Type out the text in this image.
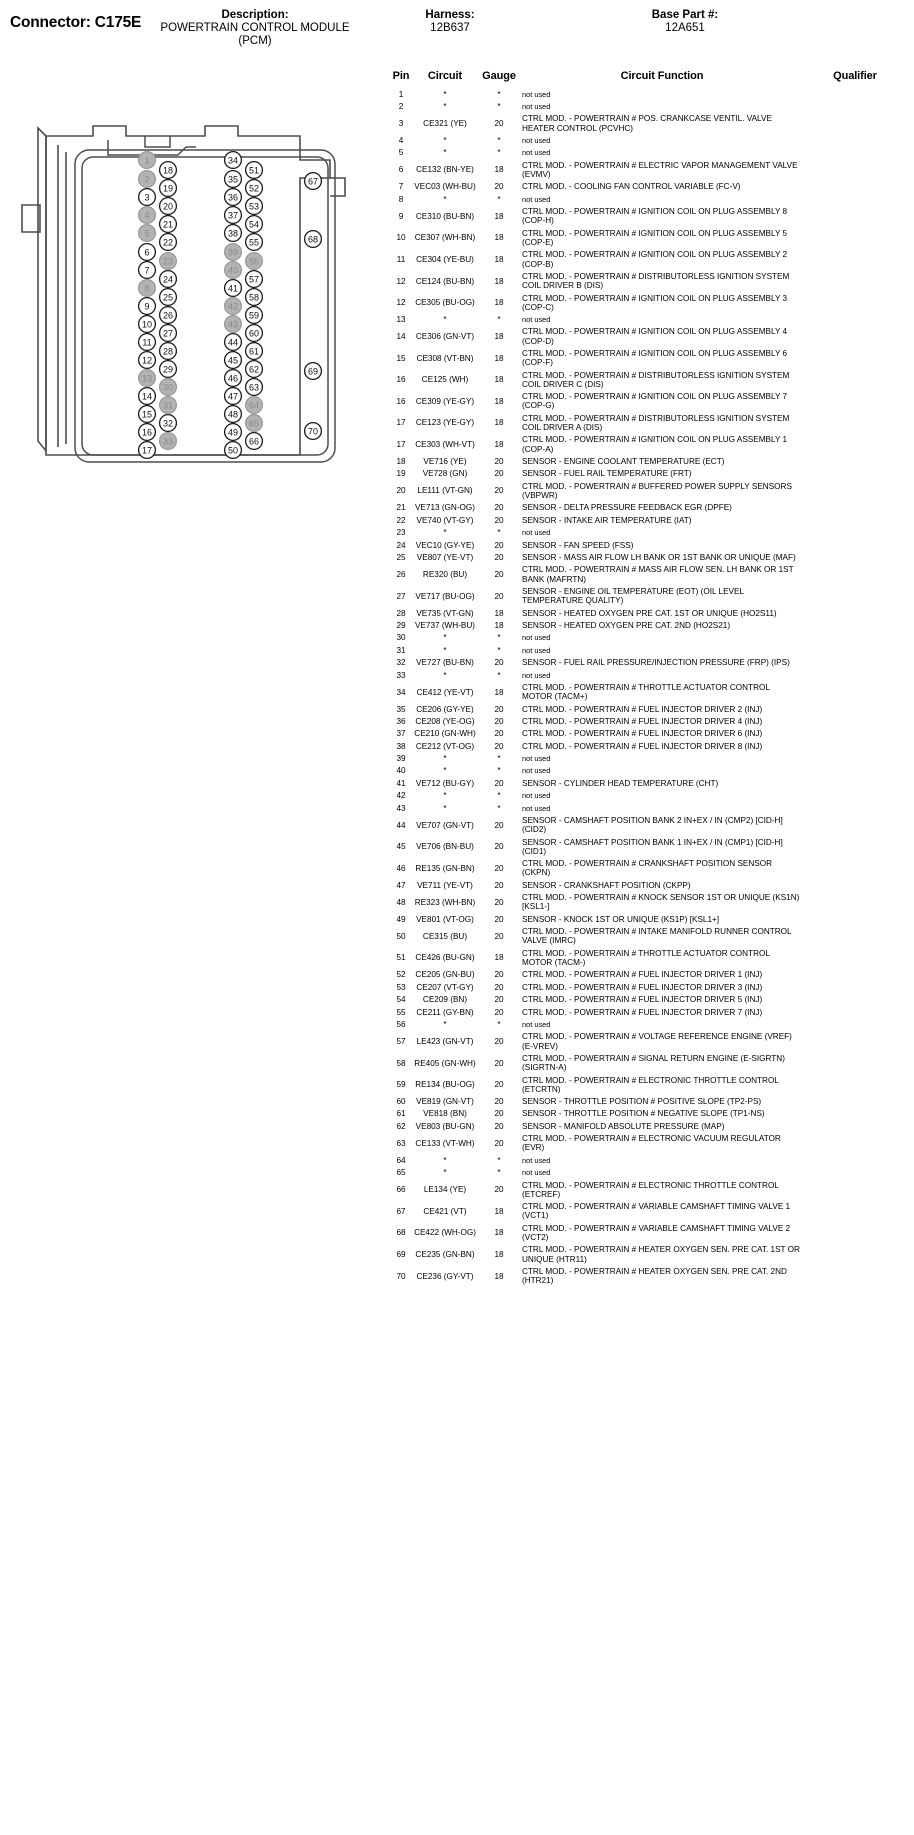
Connector: C175E	Description:
POWERTRAIN CONTROL MODULE (PCM)
Harness:
12B637
Base Part #:
12A651
1
2
3
4
5
6
7
8
9
10
11
12
13
14
15
16
17
18
19
20
21
22
23
24
25
26
27
28
29
30
31
32
33
34
35
36
37
38
39
40
41
42
43
44
45
46
47
48
49
50
51
52
53
54
55
56
57
58
59
60
61
62
63
64
65
66
67
68
69
70
Pin	Circuit	Gauge	Circuit Function	Qualifier
1	*	*	not used	
2	*	*	not used	
3	CE321 (YE)	20	CTRL MOD. - POWERTRAIN # POS. CRANKCASE VENTIL. VALVE HEATER CONTROL (PCVHC)	
4	*	*	not used	
5	*	*	not used	
6	CE132 (BN-YE)	18	CTRL MOD. - POWERTRAIN # ELECTRIC VAPOR MANAGEMENT VALVE (EVMV)	
7	VEC03 (WH-BU)	20	CTRL MOD. - COOLING FAN CONTROL VARIABLE (FC-V)	
8	*	*	not used	
9	CE310 (BU-BN)	18	CTRL MOD. - POWERTRAIN # IGNITION COIL ON PLUG ASSEMBLY 8 (COP-H)	
10	CE307 (WH-BN)	18	CTRL MOD. - POWERTRAIN # IGNITION COIL ON PLUG ASSEMBLY 5 (COP-E)	
11	CE304 (YE-BU)	18	CTRL MOD. - POWERTRAIN # IGNITION COIL ON PLUG ASSEMBLY 2 (COP-B)	
12	CE124 (BU-BN)	18	CTRL MOD. - POWERTRAIN # DISTRIBUTORLESS IGNITION SYSTEM COIL DRIVER B (DIS)	
12	CE305 (BU-OG)	18	CTRL MOD. - POWERTRAIN # IGNITION COIL ON PLUG ASSEMBLY 3 (COP-C)	
13	*	*	not used	
14	CE306 (GN-VT)	18	CTRL MOD. - POWERTRAIN # IGNITION COIL ON PLUG ASSEMBLY 4 (COP-D)	
15	CE308 (VT-BN)	18	CTRL MOD. - POWERTRAIN # IGNITION COIL ON PLUG ASSEMBLY 6 (COP-F)	
16	CE125 (WH)	18	CTRL MOD. - POWERTRAIN # DISTRIBUTORLESS IGNITION SYSTEM COIL DRIVER C (DIS)	
16	CE309 (YE-GY)	18	CTRL MOD. - POWERTRAIN # IGNITION COIL ON PLUG ASSEMBLY 7 (COP-G)	
17	CE123 (YE-GY)	18	CTRL MOD. - POWERTRAIN # DISTRIBUTORLESS IGNITION SYSTEM COIL DRIVER A (DIS)	
17	CE303 (WH-VT)	18	CTRL MOD. - POWERTRAIN # IGNITION COIL ON PLUG ASSEMBLY 1 (COP-A)	
18	VE716 (YE)	20	SENSOR - ENGINE COOLANT TEMPERATURE (ECT)	
19	VE728 (GN)	20	SENSOR - FUEL RAIL TEMPERATURE (FRT)	
20	LE111 (VT-GN)	20	CTRL MOD. - POWERTRAIN # BUFFERED POWER SUPPLY SENSORS (VBPWR)	
21	VE713 (GN-OG)	20	SENSOR - DELTA PRESSURE FEEDBACK EGR (DPFE)	
22	VE740 (VT-GY)	20	SENSOR - INTAKE AIR TEMPERATURE (IAT)	
23	*	*	not used	
24	VEC10 (GY-YE)	20	SENSOR - FAN SPEED (FSS)	
25	VE807 (YE-VT)	20	SENSOR - MASS AIR FLOW LH BANK OR 1ST BANK OR UNIQUE (MAF)	
26	RE320 (BU)	20	CTRL MOD. - POWERTRAIN # MASS AIR FLOW SEN. LH BANK OR 1ST BANK (MAFRTN)	
27	VE717 (BU-OG)	20	SENSOR - ENGINE OIL TEMPERATURE (EOT) (OIL LEVEL TEMPERATURE QUALITY)	
28	VE735 (VT-GN)	18	SENSOR - HEATED OXYGEN PRE CAT. 1ST OR UNIQUE (HO2S11)	
29	VE737 (WH-BU)	18	SENSOR - HEATED OXYGEN PRE CAT. 2ND (HO2S21)	
30	*	*	not used	
31	*	*	not used	
32	VE727 (BU-BN)	20	SENSOR - FUEL RAIL PRESSURE/INJECTION PRESSURE (FRP) (IPS)	
33	*	*	not used	
34	CE412 (YE-VT)	18	CTRL MOD. - POWERTRAIN # THROTTLE ACTUATOR CONTROL MOTOR (TACM+)	
35	CE206 (GY-YE)	20	CTRL MOD. - POWERTRAIN # FUEL INJECTOR DRIVER 2 (INJ)	
36	CE208 (YE-OG)	20	CTRL MOD. - POWERTRAIN # FUEL INJECTOR DRIVER 4 (INJ)	
37	CE210 (GN-WH)	20	CTRL MOD. - POWERTRAIN # FUEL INJECTOR DRIVER 6 (INJ)	
38	CE212 (VT-OG)	20	CTRL MOD. - POWERTRAIN # FUEL INJECTOR DRIVER 8 (INJ)	
39	*	*	not used	
40	*	*	not used	
41	VE712 (BU-GY)	20	SENSOR - CYLINDER HEAD TEMPERATURE (CHT)	
42	*	*	not used	
43	*	*	not used	
44	VE707 (GN-VT)	20	SENSOR - CAMSHAFT POSITION BANK 2 IN+EX / IN (CMP2) [CID-H] (CID2)	
45	VE706 (BN-BU)	20	SENSOR - CAMSHAFT POSITION BANK 1 IN+EX / IN (CMP1) [CID-H] (CID1)	
46	RE135 (GN-BN)	20	CTRL MOD. - POWERTRAIN # CRANKSHAFT POSITION SENSOR (CKPN)	
47	VE711 (YE-VT)	20	SENSOR - CRANKSHAFT POSITION (CKPP)	
48	RE323 (WH-BN)	20	CTRL MOD. - POWERTRAIN # KNOCK SENSOR 1ST OR UNIQUE (KS1N) [KSL1-]	
49	VE801 (VT-OG)	20	SENSOR - KNOCK 1ST OR UNIQUE (KS1P) [KSL1+]	
50	CE315 (BU)	20	CTRL MOD. - POWERTRAIN # INTAKE MANIFOLD RUNNER CONTROL VALVE (IMRC)	
51	CE426 (BU-GN)	18	CTRL MOD. - POWERTRAIN # THROTTLE ACTUATOR CONTROL MOTOR (TACM-)	
52	CE205 (GN-BU)	20	CTRL MOD. - POWERTRAIN # FUEL INJECTOR DRIVER 1 (INJ)	
53	CE207 (VT-GY)	20	CTRL MOD. - POWERTRAIN # FUEL INJECTOR DRIVER 3 (INJ)	
54	CE209 (BN)	20	CTRL MOD. - POWERTRAIN # FUEL INJECTOR DRIVER 5 (INJ)	
55	CE211 (GY-BN)	20	CTRL MOD. - POWERTRAIN # FUEL INJECTOR DRIVER 7 (INJ)	
56	*	*	not used	
57	LE423 (GN-VT)	20	CTRL MOD. - POWERTRAIN # VOLTAGE REFERENCE ENGINE (VREF) (E-VREV)	
58	RE405 (GN-WH)	20	CTRL MOD. - POWERTRAIN # SIGNAL RETURN ENGINE (E-SIGRTN) (SIGRTN-A)	
59	RE134 (BU-OG)	20	CTRL MOD. - POWERTRAIN # ELECTRONIC THROTTLE CONTROL (ETCRTN)	
60	VE819 (GN-VT)	20	SENSOR - THROTTLE POSITION # POSITIVE SLOPE (TP2-PS)	
61	VE818 (BN)	20	SENSOR - THROTTLE POSITION # NEGATIVE SLOPE (TP1-NS)	
62	VE803 (BU-GN)	20	SENSOR - MANIFOLD ABSOLUTE PRESSURE (MAP)	
63	CE133 (VT-WH)	20	CTRL MOD. - POWERTRAIN # ELECTRONIC VACUUM REGULATOR (EVR)	
64	*	*	not used	
65	*	*	not used	
66	LE134 (YE)	20	CTRL MOD. - POWERTRAIN # ELECTRONIC THROTTLE CONTROL (ETCREF)	
67	CE421 (VT)	18	CTRL MOD. - POWERTRAIN # VARIABLE CAMSHAFT TIMING VALVE 1 (VCT1)	
68	CE422 (WH-OG)	18	CTRL MOD. - POWERTRAIN # VARIABLE CAMSHAFT TIMING VALVE 2 (VCT2)	
69	CE235 (GN-BN)	18	CTRL MOD. - POWERTRAIN # HEATER OXYGEN SEN. PRE CAT. 1ST OR UNIQUE (HTR11)	
70	CE236 (GY-VT)	18	CTRL MOD. - POWERTRAIN # HEATER OXYGEN SEN. PRE CAT. 2ND (HTR21)	
